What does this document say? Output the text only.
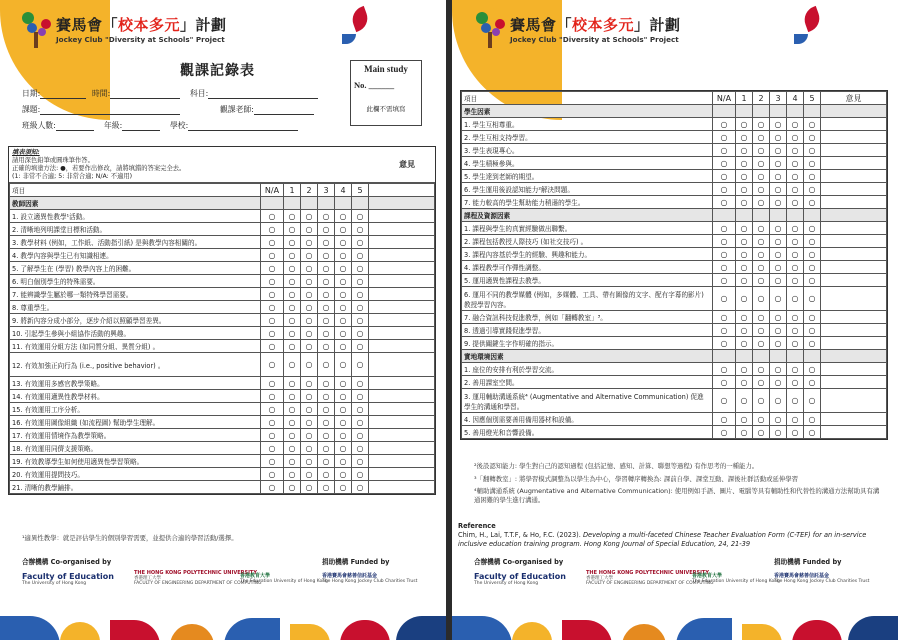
賽馬會「校本多元」計劃
Jockey Club "Diversity at Schools" Project
觀課記錄表	Main study
No. ______
此欄不需填寫
日期:	時間:	科目:
課題:	觀課老師:
班級人數:	年級:	學校:
填表須知:
請用深色鉛筆或圓珠筆作答。
正確的填塗方法: ●，若要作出修改，請將填錯的答案完全去。
(1: 非常不合適; 5: 非常合適; N/A: 不適用)
意見
項目	N/A	1	2	3	4	5	
教師因素							
1. 設立適異性教學¹活動。	○	○	○	○	○	○	
2. 清晰地列明課堂目標和活動。	○	○	○	○	○	○	
3. 教學材料 (例如，工作紙、活動指引紙) 是與教學內容相關的。	○	○	○	○	○	○	
4. 教學內容與學生已有知識相連。	○	○	○	○	○	○	
5. 了解學生在 (學習) 教學內容上的困難。	○	○	○	○	○	○	
6. 明白個別學生的特殊需要。	○	○	○	○	○	○	
7. 能辨識學生屬於哪一類特殊學習需要。	○	○	○	○	○	○	
8. 尊重學生。	○	○	○	○	○	○	
9. 將新內容分成小部分，逐步介紹以照顧學習差異。	○	○	○	○	○	○	
10. 引起學生參與小組協作活動的興趣。	○	○	○	○	○	○	
11. 有效運用分組方法 (如同質分組、異質分組) 。	○	○	○	○	○	○	
12. 有效加強正向行為 (i.e., positive behavior) 。	○	○	○	○	○	○	
13. 有效運用多感官教學策略。	○	○	○	○	○	○	
14. 有效運用適異性教學材料。	○	○	○	○	○	○	
15. 有效運用工序分析。	○	○	○	○	○	○	
16. 有效運用圖像組織 (如流程圖) 幫助學生理解。	○	○	○	○	○	○	
17. 有效運用情境作為教學策略。	○	○	○	○	○	○	
18. 有效運用同儕支援策略。	○	○	○	○	○	○	
19. 有效教導學生如何使用適異性學習策略。	○	○	○	○	○	○	
20. 有效運用提問技巧。	○	○	○	○	○	○	
21. 清晰的教學鋪排。	○	○	○	○	○	○	
¹適異性教學：就是評估學生的個別學習需要，並提供合適的學習活動/選擇。
合辦機構 Co-organised by	捐助機構 Funded by
Faculty of Education
The University of Hong Kong
THE HONG KONG POLYTECHNIC UNIVERSITY
香港理工大學
FACULTY OF ENGINEERING DEPARTMENT OF COMPUTING
香港教育大學
The Education University of Hong Kong
香港賽馬會慈善信託基金
The Hong Kong Jockey Club Charities Trust
賽馬會「校本多元」計劃
Jockey Club "Diversity at Schools" Project
項目	N/A	1	2	3	4	5	意見
學生因素							
1. 學生互相尊重。	○	○	○	○	○	○	
2. 學生互相支持學習。	○	○	○	○	○	○	
3. 學生表現專心。	○	○	○	○	○	○	
4. 學生積極參與。	○	○	○	○	○	○	
5. 學生達到老師的期望。	○	○	○	○	○	○	
6. 學生運用後設認知能力²解決問題。	○	○	○	○	○	○	
7. 能力較高的學生幫助能力稍遜的學生。	○	○	○	○	○	○	
課程及資源因素							
1. 課程與學生的真實經驗做出聯繫。	○	○	○	○	○	○	
2. 課程包括教授人際技巧 (如社交技巧) 。	○	○	○	○	○	○	
3. 課程內容基於學生的經驗、興趣和能力。	○	○	○	○	○	○	
4. 課程教學可作彈性調整。	○	○	○	○	○	○	
5. 運用適異性課程去教學。	○	○	○	○	○	○	
6. 運用不同的教學媒體 (例如，多媒體、工具、帶有圖像的文字、配有字幕的影片) 教授學習內容。	○	○	○	○	○	○	
7. 融合資訊科技促進教學，例如「翻轉教室」³。	○	○	○	○	○	○	
8. 透過引導實踐促進學習。	○	○	○	○	○	○	
9. 提供關鍵生字作明確的指示。	○	○	○	○	○	○	
實地環境因素							
1. 座位的安排有利於學習交流。	○	○	○	○	○	○	
2. 善用課室空間。	○	○	○	○	○	○	
3. 運用輔助溝通系統⁴ (Augmentative and Alternative Communication) 促進學生的溝通和學習。	○	○	○	○	○	○	
4. 因應個別需要善用備用器材和設備。	○	○	○	○	○	○	
5. 善用燈光和音響設備。	○	○	○	○	○	○	
²後設認知能力: 學生對自己的認知過程 (包括記憶、感知、計算、聯想等過程) 有作思考的一種能力。
³「翻轉教室」: 將學習模式調整為以學生為中心，學習轉序轉換為: 課前自學、課堂互動、課後社群活動或延伸學習
⁴輔助溝通系統 (Augmentative and Alternative Communication): 使用例如手語、圖片、電腦等具有輔助性和代替性的溝通方法幫助具有溝通困難的學生進行溝通。
Reference
Chim, H., Lai, T.T.F, & Ho, F.C. (2023). Developing a multi-faceted Chinese Teacher Evaluation Form (C-TEF) for an in-service inclusive education training program. Hong Kong Journal of Special Education, 24, 21-39
合辦機構 Co-organised by	捐助機構 Funded by
Faculty of Education
The University of Hong Kong
THE HONG KONG POLYTECHNIC UNIVERSITY
香港理工大學
FACULTY OF ENGINEERING DEPARTMENT OF COMPUTING
香港教育大學
The Education University of Hong Kong
香港賽馬會慈善信託基金
The Hong Kong Jockey Club Charities Trust
